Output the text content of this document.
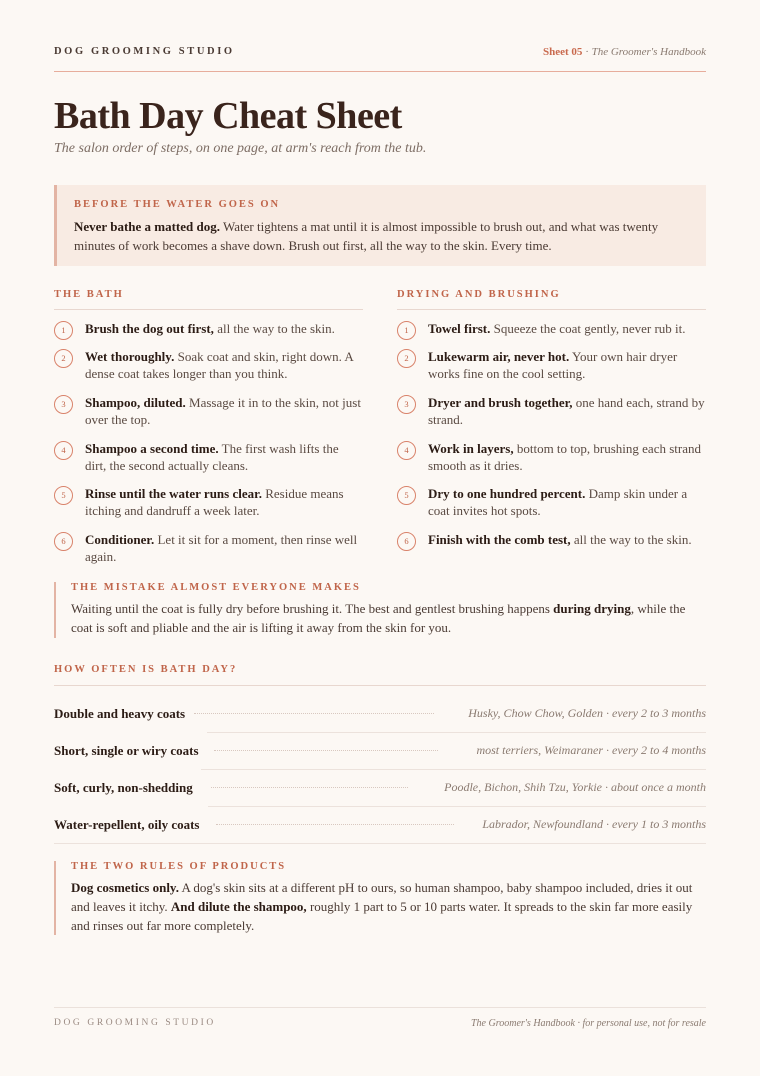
DOG GROOMING STUDIO	Sheet 05 · The Groomer's Handbook
Bath Day Cheat Sheet
The salon order of steps, on one page, at arm's reach from the tub.
BEFORE THE WATER GOES ON
Never bathe a matted dog. Water tightens a mat until it is almost impossible to brush out, and what was twenty minutes of work becomes a shave down. Brush out first, all the way to the skin. Every time.
THE BATH
1	Brush the dog out first, all the way to the skin.
2	Wet thoroughly. Soak coat and skin, right down. A dense coat takes longer than you think.
3	Shampoo, diluted. Massage it in to the skin, not just over the top.
4	Shampoo a second time. The first wash lifts the dirt, the second actually cleans.
5	Rinse until the water runs clear. Residue means itching and dandruff a week later.
6	Conditioner. Let it sit for a moment, then rinse well again.
DRYING AND BRUSHING
1	Towel first. Squeeze the coat gently, never rub it.
2	Lukewarm air, never hot. Your own hair dryer works fine on the cool setting.
3	Dryer and brush together, one hand each, strand by strand.
4	Work in layers, bottom to top, brushing each strand smooth as it dries.
5	Dry to one hundred percent. Damp skin under a coat invites hot spots.
6	Finish with the comb test, all the way to the skin.
THE MISTAKE ALMOST EVERYONE MAKES
Waiting until the coat is fully dry before brushing it. The best and gentlest brushing happens during drying, while the coat is soft and pliable and the air is lifting it away from the skin for you.
HOW OFTEN IS BATH DAY?
Double and heavy coats	Husky, Chow Chow, Golden · every 2 to 3 months
Short, single or wiry coats	most terriers, Weimaraner · every 2 to 4 months
Soft, curly, non-shedding	Poodle, Bichon, Shih Tzu, Yorkie · about once a month
Water-repellent, oily coats	Labrador, Newfoundland · every 1 to 3 months
THE TWO RULES OF PRODUCTS
Dog cosmetics only. A dog's skin sits at a different pH to ours, so human shampoo, baby shampoo included, dries it out and leaves it itchy. And dilute the shampoo, roughly 1 part to 5 or 10 parts water. It spreads to the skin far more easily and rinses out far more completely.
DOG GROOMING STUDIO	The Groomer's Handbook · for personal use, not for resale
